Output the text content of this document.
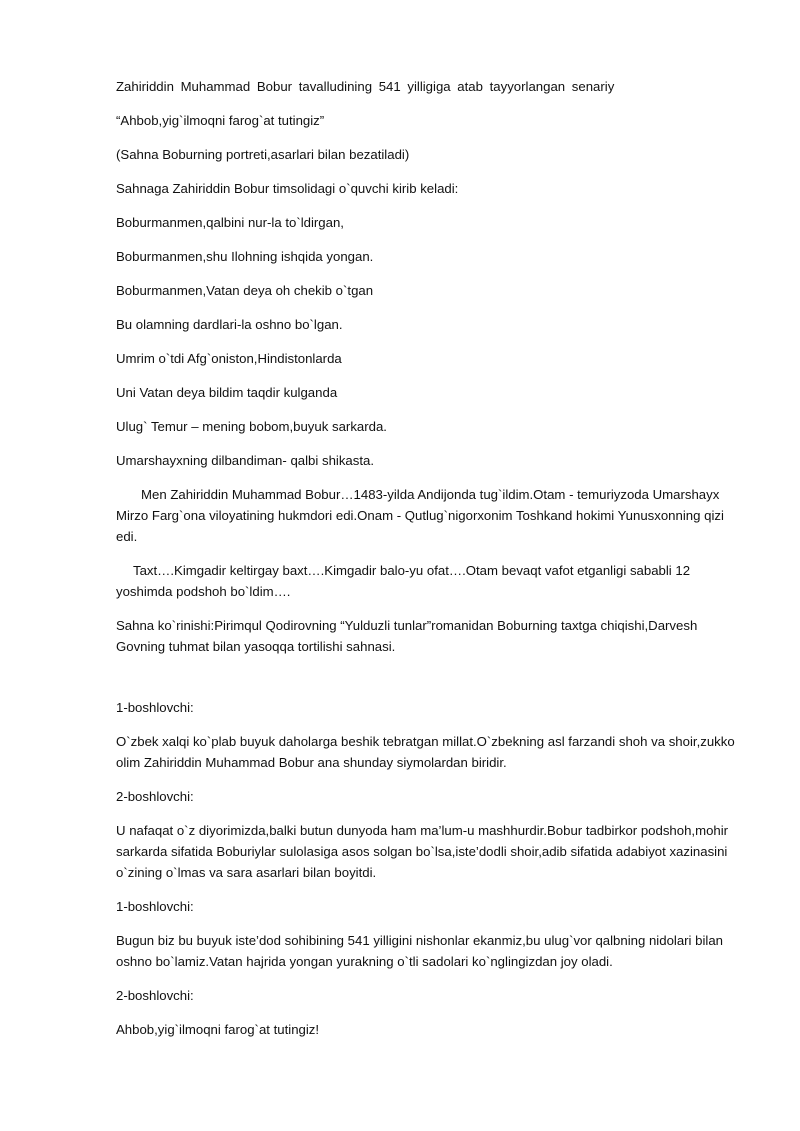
Zahiriddin Muhammad Bobur tavalludining 541 yilligiga atab tayyorlangan senariy

“Ahbob,yig`ilmoqni farog`at tutingiz”

(Sahna Boburning portreti,asarlari bilan bezatiladi)

Sahnaga Zahiriddin Bobur timsolidagi o`quvchi kirib keladi:

Boburmanmen,qalbini nur-la to`ldirgan,

Boburmanmen,shu Ilohning ishqida yongan.

Boburmanmen,Vatan deya oh chekib o`tgan

Bu olamning dardlari-la oshno bo`lgan.

Umrim o`tdi Afg`oniston,Hindistonlarda

Uni Vatan deya bildim taqdir kulganda

Ulug` Temur – mening bobom,buyuk sarkarda.

Umarshayxning dilbandiman- qalbi shikasta.

Men Zahiriddin Muhammad Bobur…1483-yilda Andijonda tug`ildim.Otam - temuriyzoda Umarshayx Mirzo Farg`ona viloyatining hukmdori edi.Onam - Qutlug`nigorxonim Toshkand hokimi Yunusxonning qizi edi.

Taxt….Kimgadir keltirgay baxt….Kimgadir balo-yu ofat….Otam bevaqt vafot etganligi sababli 12 yoshimda podshoh bo`ldim….

Sahna ko`rinishi:Pirimqul Qodirovning “Yulduzli tunlar”romanidan Boburning taxtga chiqishi,Darvesh Govning tuhmat bilan yasoqqa tortilishi sahnasi.

1-boshlovchi:

O`zbek xalqi ko`plab buyuk daholarga beshik tebratgan millat.O`zbekning asl farzandi shoh va shoir,zukko olim Zahiriddin Muhammad Bobur ana shunday siymolardan biridir.

2-boshlovchi:

U nafaqat o`z diyorimizda,balki butun dunyoda ham ma’lum-u mashhurdir.Bobur tadbirkor podshoh,mohir sarkarda sifatida Boburiylar sulolasiga asos solgan bo`lsa,iste’dodli shoir,adib sifatida adabiyot xazinasini o`zining o`lmas va sara asarlari bilan boyitdi.

1-boshlovchi:

Bugun biz bu buyuk iste’dod sohibining 541 yilligini nishonlar ekanmiz,bu ulug`vor qalbning nidolari bilan oshno bo`lamiz.Vatan hajrida yongan yurakning o`tli sadolari ko`nglingizdan joy oladi.

2-boshlovchi:

Ahbob,yig`ilmoqni farog`at tutingiz!
